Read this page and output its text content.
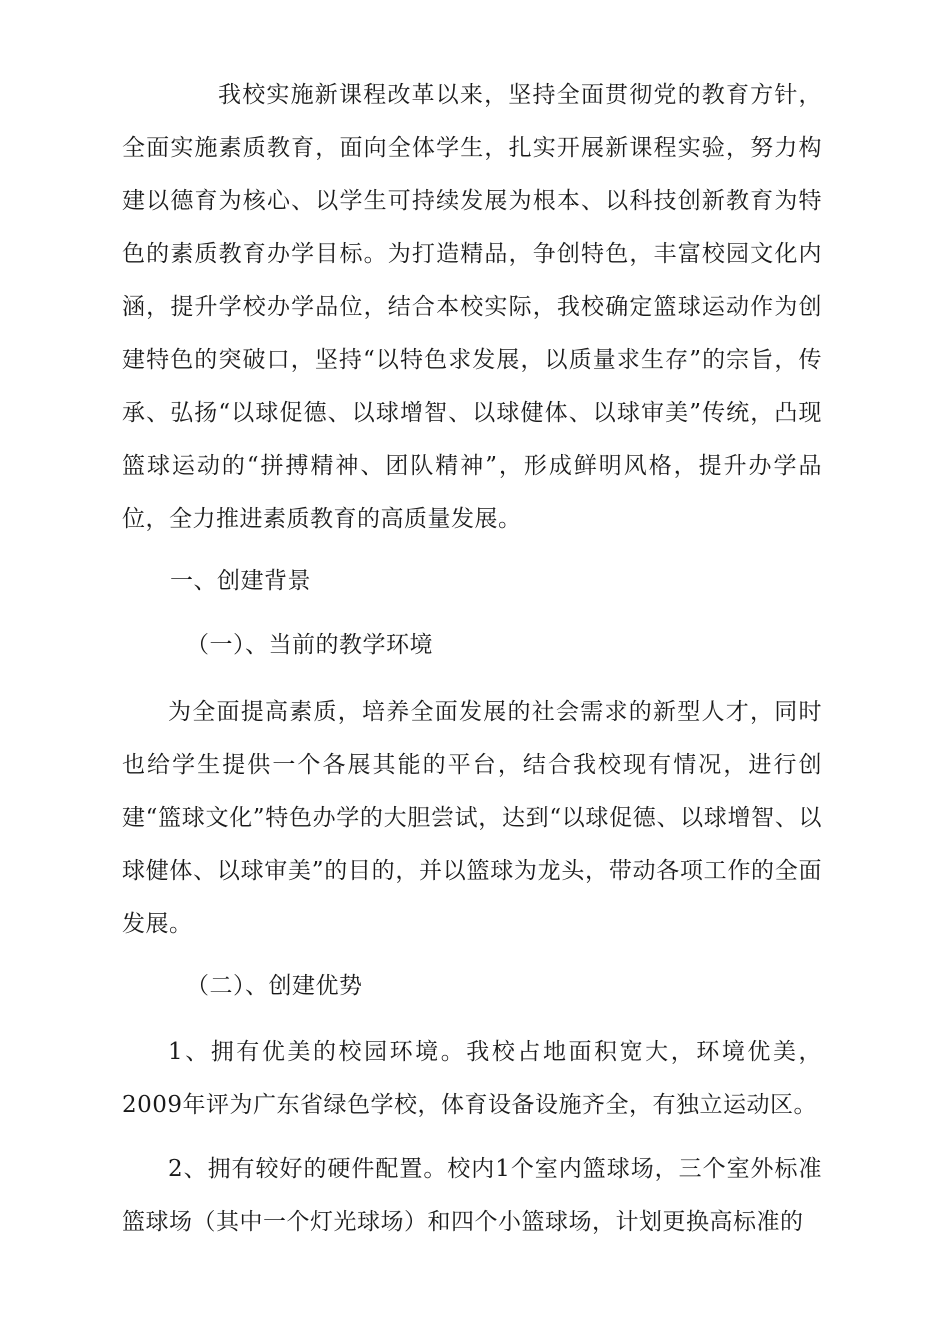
我校实施新课程改革以来，坚持全面贯彻党的教育方针，全面实施素质教育，面向全体学生，扎实开展新课程实验，努力构建以德育为核心、以学生可持续发展为根本、以科技创新教育为特色的素质教育办学目标。为打造精品，争创特色，丰富校园文化内涵，提升学校办学品位，结合本校实际，我校确定篮球运动作为创建特色的突破口，坚持“以特色求发展，以质量求生存”的宗旨，传承、弘扬“以球促德、以球增智、以球健体、以球审美”传统，凸现篮球运动的“拼搏精神、团队精神”，形成鲜明风格，提升办学品位，全力推进素质教育的高质量发展。

一、创建背景

（一）、当前的教学环境

为全面提高素质，培养全面发展的社会需求的新型人才，同时也给学生提供一个各展其能的平台，结合我校现有情况，进行创建“篮球文化”特色办学的大胆尝试，达到“以球促德、以球增智、以球健体、以球审美”的目的，并以篮球为龙头，带动各项工作的全面发展。

（二）、创建优势

1、拥有优美的校园环境。我校占地面积宽大，环境优美，2009年评为广东省绿色学校，体育设备设施齐全，有独立运动区。

2、拥有较好的硬件配置。校内1个室内篮球场，三个室外标准篮球场（其中一个灯光球场）和四个小篮球场，计划更换高标准的
